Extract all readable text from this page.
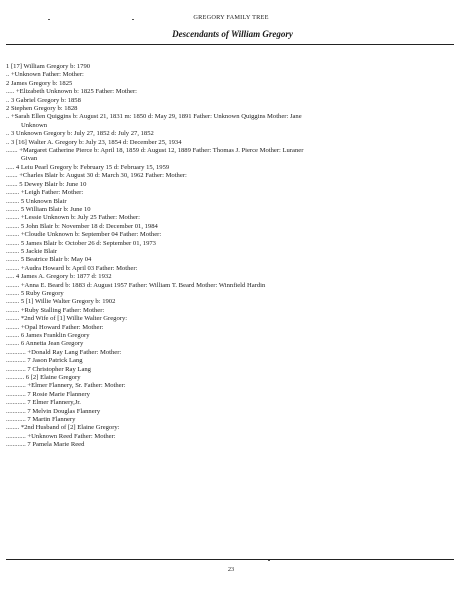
GREGORY FAMILY TREE
Descendants of William Gregory
1 [17] William Gregory b: 1790
.. +Unknown Father: Mother:
2 James Gregory b: 1825
..... +Elizabeth Unknown b: 1825 Father: Mother:
.. 3 Gabriel Gregory b: 1858
2 Stephen Gregory b: 1828
.. +Sarah Ellen Quiggins b: August 21, 1831 m: 1850 d: May 29, 1891 Father: Unknown Quiggins Mother: Jane
Unknown
.. 3 Unknown Gregory b: July 27, 1852 d: July 27, 1852
.. 3 [16] Walter A. Gregory b: July 23, 1854 d: December 25, 1934
....... +Margaret Catherine Pierce b: April 18, 1859 d: August 12, 1889 Father: Thomas J. Pierce Mother: Luraner
Givan
..... 4 Leiu Pearl Gregory b: February 15 d: February 15, 1959
....... +Charles Blair b: August 30 d: March 30, 1962 Father: Mother:
....... 5 Dewey Blair b: June 10
........ +Leigh Father: Mother:
........ 5 Unknown Blair
........ 5 William Blair b: June 10
........ +Lessie Unknown b: July 25 Father: Mother:
........ 5 John Blair b: November 18 d: December 01, 1984
........ +Cloudie Unknown b: September 04 Father: Mother:
........ 5 James Blair b: October 26 d: September 01, 1973
........ 5 Jackie Blair
........ 5 Beatrice Blair b: May 04
........ +Audra Howard b: April 03 Father: Mother:
..... 4 James A. Gregory b: 1877 d: 1932
........ +Anna E. Beard b: 1883 d: August 1957 Father: William T. Beard Mother: Winnfield Hardin
........ 5 Ruby Gregory
........ 5 [1] Willie Walter Gregory b: 1902
........ +Ruby Stalling Father: Mother:
........ *2nd Wife of [1] Willie Walter Gregory:
........ +Opal Howard Father: Mother:
........ 6 James Franklin Gregory
........ 6 Annetta Jean Gregory
............ +Donald Ray Lang Father: Mother:
............ 7 Jason Patrick Lang
............ 7 Christopher Ray Lang
........... 6 [2] Elaine Gregory
............ +Elmer Flannery, Sr. Father: Mother:
............ 7 Rosie Marie Flannery
............ 7 Elmer Flannery,Jr.
............ 7 Melvin Douglas Flannery
............ 7 Martin Flannery
........ *2nd Husband of [2] Elaine Gregory:
............ +Unknown Reed Father: Mother:
............ 7 Pamela Marie Reed
23
